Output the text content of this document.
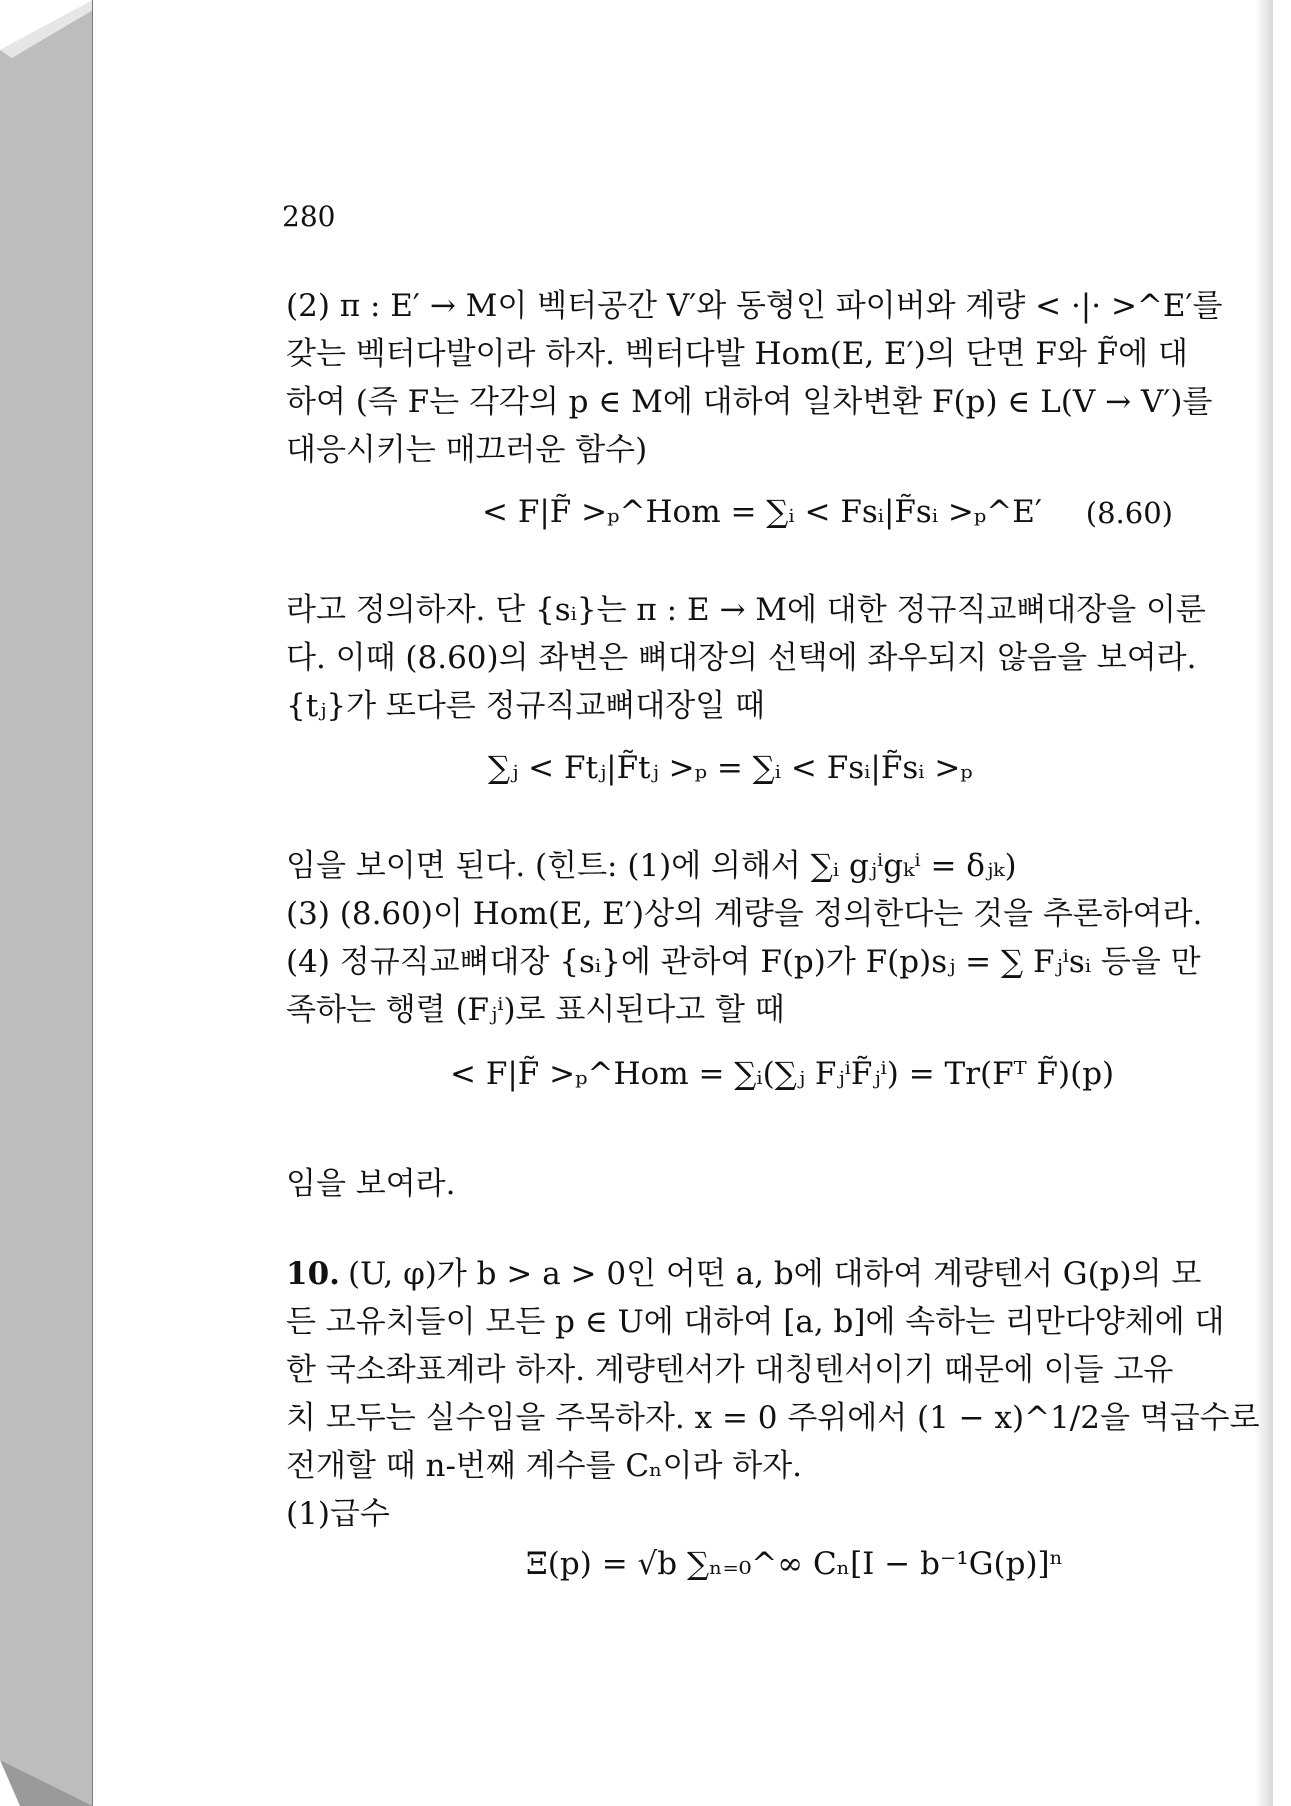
280
(2) π : E′ → M이 벡터공간 V′와 동형인 파이버와 계량 < ·|· >^E′를
갖는 벡터다발이라 하자. 벡터다발 Hom(E, E′)의 단면 F와 F̃에 대
하여 (즉 F는 각각의 p ∈ M에 대하여 일차변환 F(p) ∈ L(V → V′)를
대응시키는 매끄러운 함수)
< F|F̃ >ₚ^Hom = ∑ᵢ < Fsᵢ|F̃sᵢ >ₚ^E′ (8.60)
라고 정의하자. 단 {sᵢ}는 π : E → M에 대한 정규직교뼈대장을 이룬
다. 이때 (8.60)의 좌변은 뼈대장의 선택에 좌우되지 않음을 보여라.
{tⱼ}가 또다른 정규직교뼈대장일 때
∑ⱼ < Ftⱼ|F̃tⱼ >ₚ = ∑ᵢ < Fsᵢ|F̃sᵢ >ₚ
임을 보이면 된다. (힌트: (1)에 의해서 ∑ᵢ gⱼⁱgₖⁱ = δⱼₖ)
(3) (8.60)이 Hom(E, E′)상의 계량을 정의한다는 것을 추론하여라.
(4) 정규직교뼈대장 {sᵢ}에 관하여 F(p)가 F(p)sⱼ = ∑ Fⱼⁱsᵢ 등을 만
족하는 행렬 (Fⱼⁱ)로 표시된다고 할 때
< F|F̃ >ₚ^Hom = ∑ᵢ(∑ⱼ FⱼⁱF̃ⱼⁱ) = Tr(Fᵀ F̃)(p)
임을 보여라.
10. (U, φ)가 b > a > 0인 어떤 a, b에 대하여 계량텐서 G(p)의 모
든 고유치들이 모든 p ∈ U에 대하여 [a, b]에 속하는 리만다양체에 대
한 국소좌표계라 하자. 계량텐서가 대칭텐서이기 때문에 이들 고유
치 모두는 실수임을 주목하자. x = 0 주위에서 (1 − x)^1/2을 멱급수로
전개할 때 n-번째 계수를 Cₙ이라 하자.
(1)급수
Ξ(p) = √b ∑ₙ₌₀^∞ Cₙ[I − b⁻¹G(p)]ⁿ
